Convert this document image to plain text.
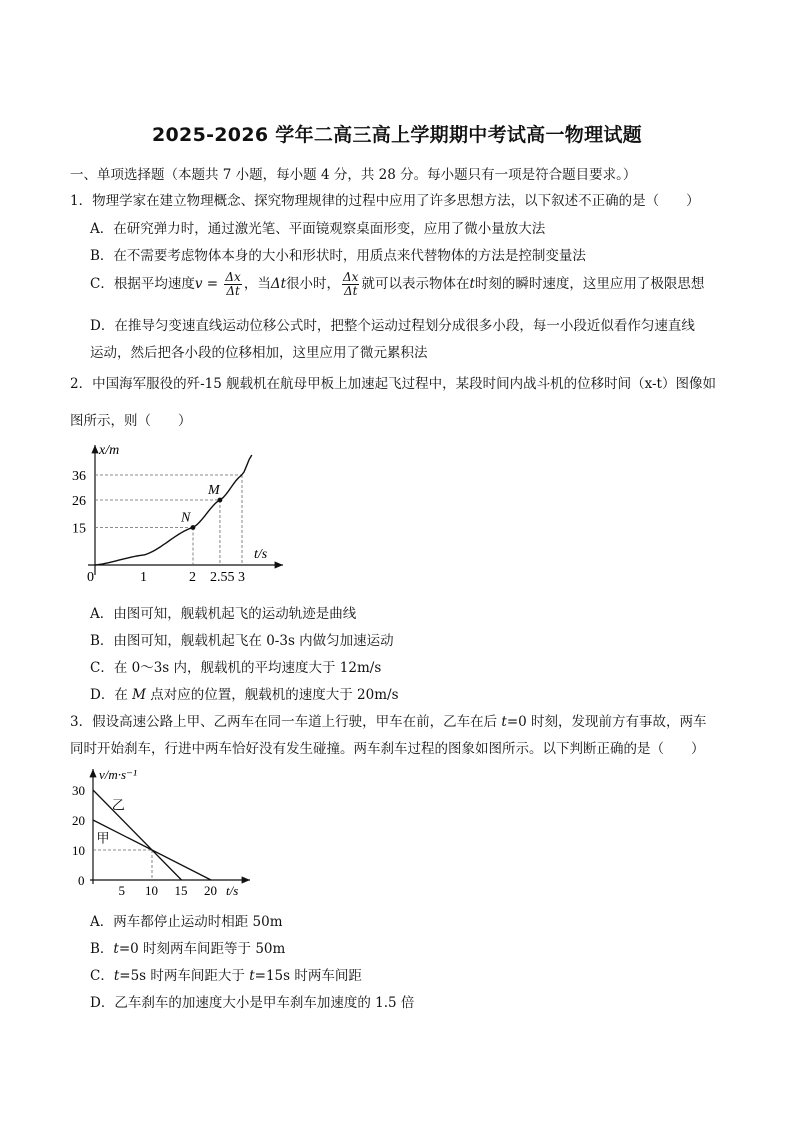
2025-2026 学年二高三高上学期期中考试高一物理试题
一、单项选择题（本题共 7 小题，每小题 4 分，共 28 分。每小题只有一项是符合题目要求。）
1．物理学家在建立物理概念、探究物理规律的过程中应用了许多思想方法，以下叙述不正确的是（　　）
A．在研究弹力时，通过激光笔、平面镜观察桌面形变，应用了微小量放大法
B．在不需要考虑物体本身的大小和形状时，用质点来代替物体的方法是控制变量法
C．根据平均速度$v = \frac{\Delta x}{\Delta t}$ ，当Δt很小时， $\frac{\Delta x}{\Delta t}$ 就可以表示物体在t时刻的瞬时速度，这里应用了极限思想
D．在推导匀变速直线运动位移公式时，把整个运动过程划分成很多小段，每一小段近似看作匀速直线
运动，然后把各小段的位移相加，这里应用了微元累积法
2．中国海军服役的歼-15 舰载机在航母甲板上加速起飞过程中，某段时间内战斗机的位移时间（x-t）图像如
图所示，则（　　）
0	1	2 2.55 3
15
26
36
N
M
x/m
t/s
A．由图可知，舰载机起飞的运动轨迹是曲线
B．由图可知，舰载机起飞在 0-3s 内做匀加速运动
C．在 0～3s 内，舰载机的平均速度大于 12m/s
D．在 M 点对应的位置，舰载机的速度大于 20m/s
3．假设高速公路上甲、乙两车在同一车道上行驶，甲车在前，乙车在后 t=0 时刻，发现前方有事故，两车
同时开始刹车，行进中两车恰好没有发生碰撞。两车刹车过程的图象如图所示。以下判断正确的是（　　）
乙
甲
0
5 10 15 20
10
20
30
v/m·s⁻¹
t/s
A．两车都停止运动时相距 50m
B．t=0 时刻两车间距等于 50m
C．t=5s 时两车间距大于 t=15s 时两车间距
D．乙车刹车的加速度大小是甲车刹车加速度的 1.5 倍
